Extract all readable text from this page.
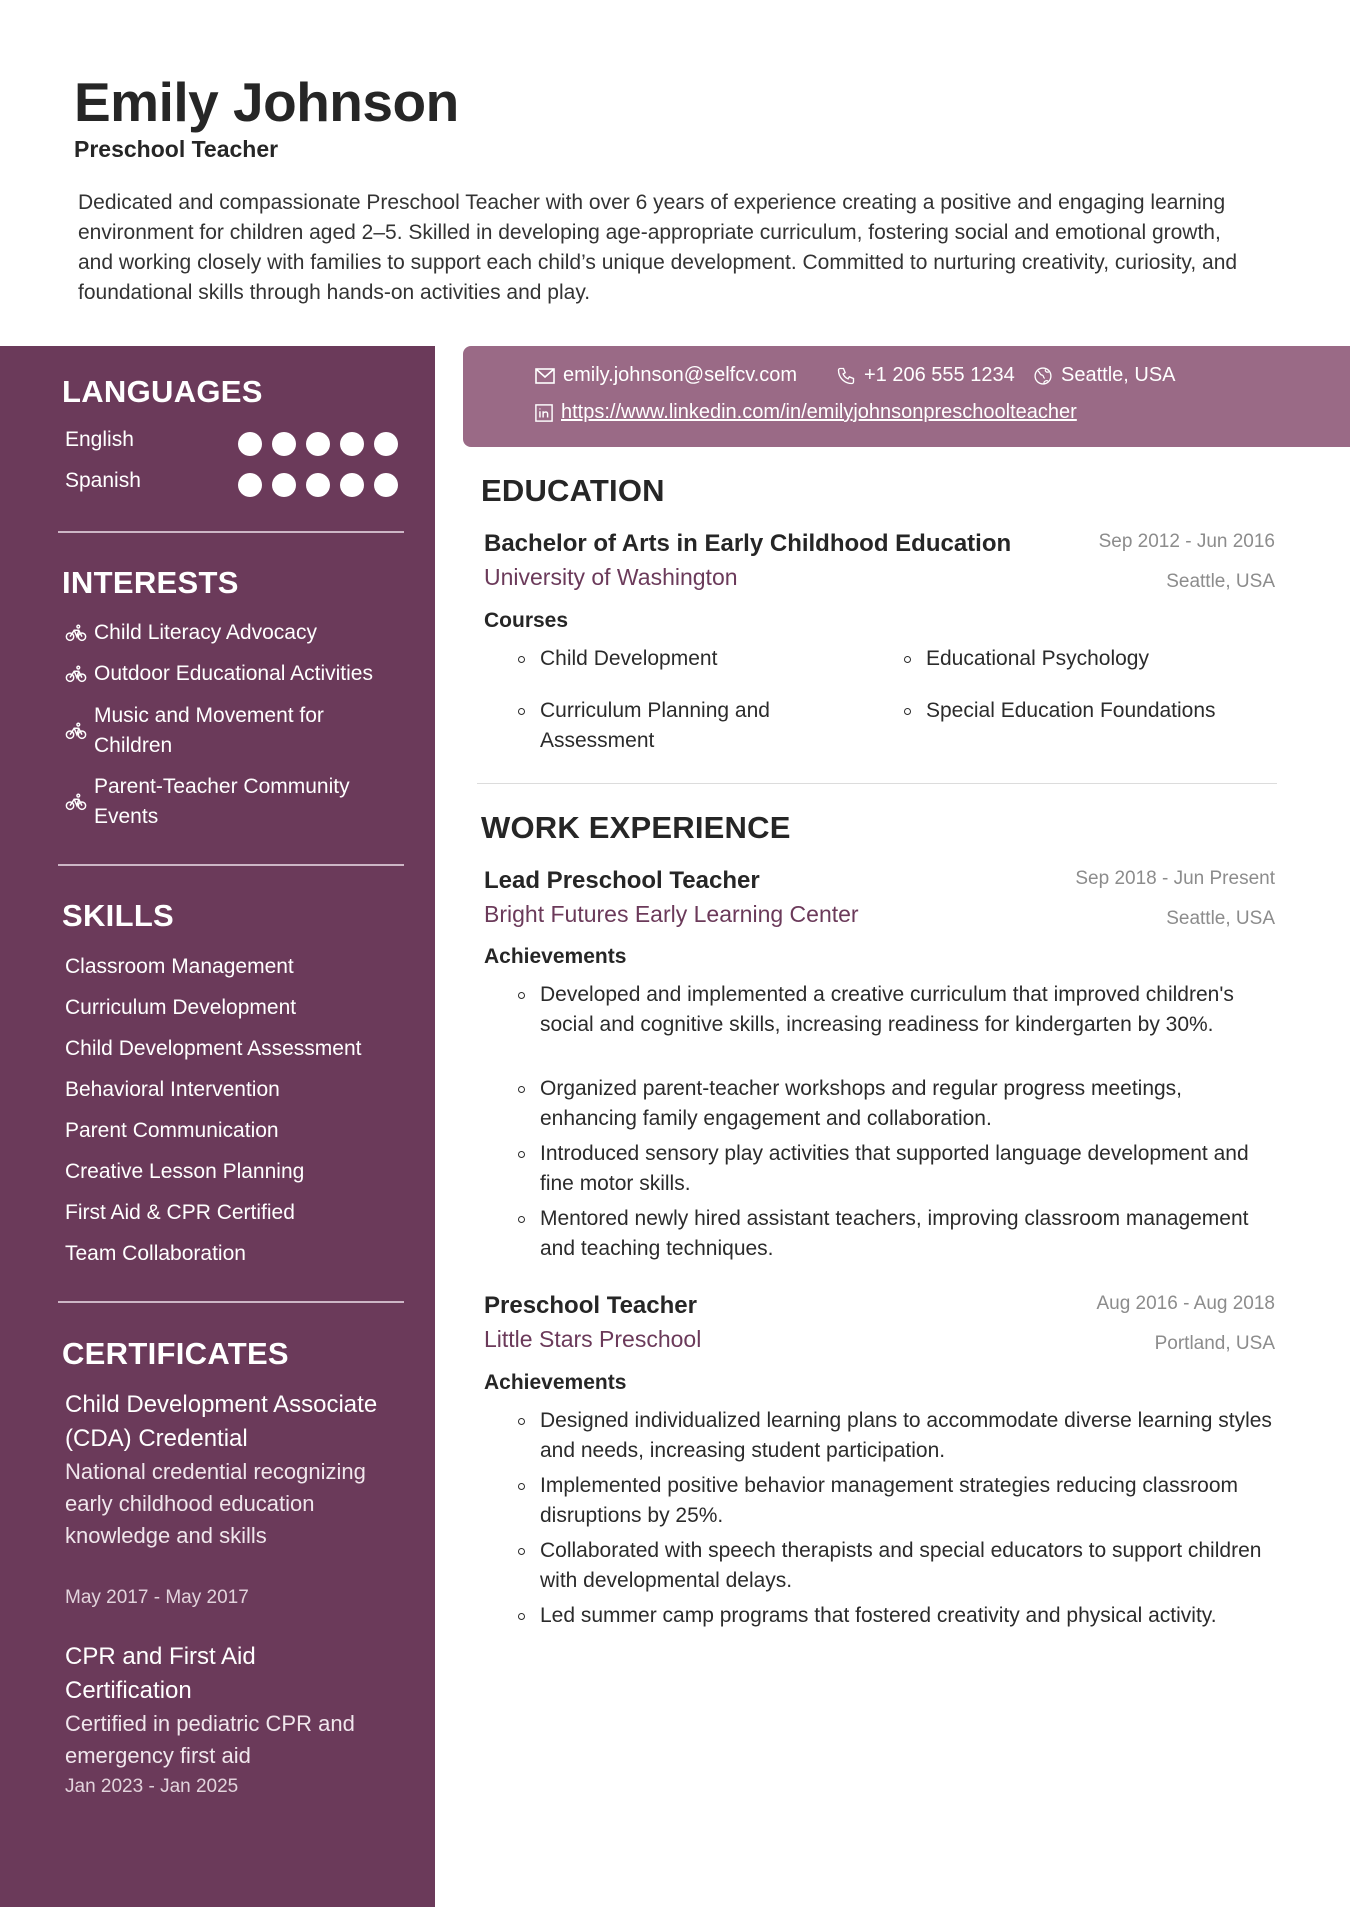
Emily Johnson
Preschool Teacher
Dedicated and compassionate Preschool Teacher with over 6 years of experience creating a positive and engaging learning environment for children aged 2–5. Skilled in developing age-appropriate curriculum, fostering social and emotional growth, and working closely with families to support each child’s unique development. Committed to nurturing creativity, curiosity, and foundational skills through hands-on activities and play.
LANGUAGES
English
Spanish
INTERESTS
Child Literacy Advocacy
Outdoor Educational Activities
Music and Movement for Children
Parent-Teacher Community Events
SKILLS
Classroom Management
Curriculum Development
Child Development Assessment
Behavioral Intervention
Parent Communication
Creative Lesson Planning
First Aid & CPR Certified
Team Collaboration
CERTIFICATES
Child Development Associate (CDA) Credential
National credential recognizing early childhood education knowledge and skills
May 2017 - May 2017
CPR and First Aid Certification
Certified in pediatric CPR and emergency first aid
Jan 2023 - Jan 2025
emily.johnson@selfcv.com	+1 206 555 1234 Seattle, USA
https://www.linkedin.com/in/emilyjohnsonpreschoolteacher
EDUCATION
Bachelor of Arts in Early Childhood Education	Sep 2012 - Jun 2016
University of Washington	Seattle, USA
Courses
Child Development	Educational Psychology
Curriculum Planning and Assessment
Special Education Foundations
WORK EXPERIENCE
Lead Preschool Teacher	Sep 2018 - Jun Present
Bright Futures Early Learning Center	Seattle, USA
Achievements
Developed and implemented a creative curriculum that improved children's social and cognitive skills, increasing readiness for kindergarten by 30%.
Organized parent-teacher workshops and regular progress meetings, enhancing family engagement and collaboration.
Introduced sensory play activities that supported language development and fine motor skills.
Mentored newly hired assistant teachers, improving classroom management and teaching techniques.
Preschool Teacher	Aug 2016 - Aug 2018
Little Stars Preschool	Portland, USA
Achievements
Designed individualized learning plans to accommodate diverse learning styles and needs, increasing student participation.
Implemented positive behavior management strategies reducing classroom disruptions by 25%.
Collaborated with speech therapists and special educators to support children with developmental delays.
Led summer camp programs that fostered creativity and physical activity.
